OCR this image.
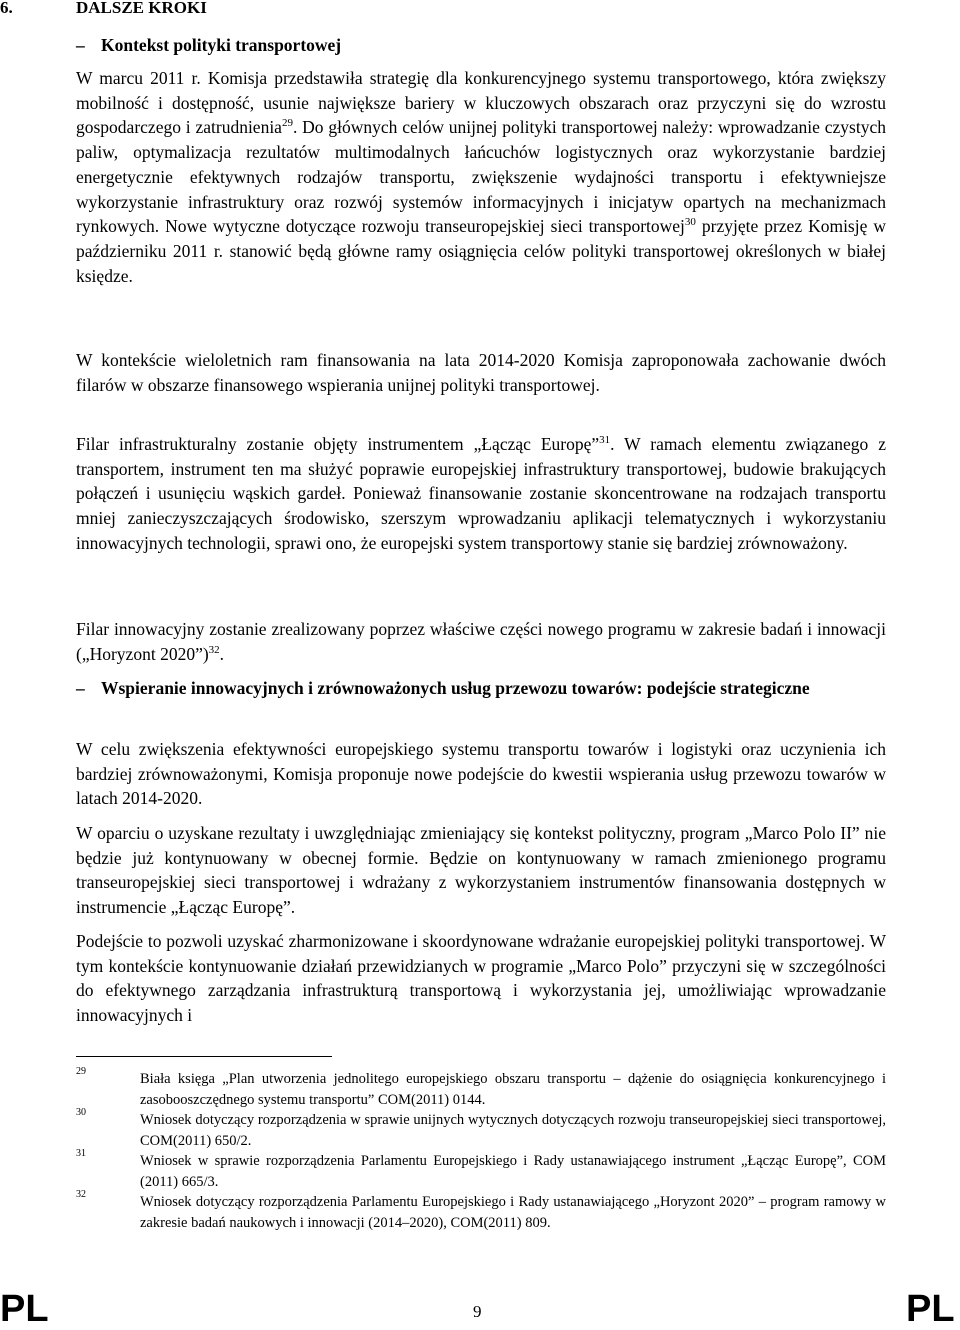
6.	DALSZE KROKI
– Kontekst polityki transportowej

W marcu 2011 r. Komisja przedstawiła strategię dla konkurencyjnego systemu transportowego, która zwiększy mobilność i dostępność, usunie największe bariery w kluczowych obszarach oraz przyczyni się do wzrostu gospodarczego i zatrudnienia$^{29}$. Do głównych celów unijnej polityki transportowej należy: wprowadzanie czystych paliw, optymalizacja rezultatów multimodalnych łańcuchów logistycznych oraz wykorzystanie bardziej energetycznie efektywnych rodzajów transportu, zwiększenie wydajności transportu i efektywniejsze wykorzystanie infrastruktury oraz rozwój systemów informacyjnych i inicjatyw opartych na mechanizmach rynkowych. Nowe wytyczne dotyczące rozwoju transeuropejskiej sieci transportowej$^{30}$ przyjęte przez Komisję w październiku 2011 r. stanowić będą główne ramy osiągnięcia celów polityki transportowej określonych w białej księdze.

W kontekście wieloletnich ram finansowania na lata 2014-2020 Komisja zaproponowała zachowanie dwóch filarów w obszarze finansowego wspierania unijnej polityki transportowej.

Filar infrastrukturalny zostanie objęty instrumentem „Łącząc Europę”$^{31}$. W ramach elementu związanego z transportem, instrument ten ma służyć poprawie europejskiej infrastruktury transportowej, budowie brakujących połączeń i usunięciu wąskich gardeł. Ponieważ finansowanie zostanie skoncentrowane na rodzajach transportu mniej zanieczyszczających środowisko, szerszym wprowadzaniu aplikacji telematycznych i wykorzystaniu innowacyjnych technologii, sprawi ono, że europejski system transportowy stanie się bardziej zrównoważony.

Filar innowacyjny zostanie zrealizowany poprzez właściwe części nowego programu w zakresie badań i innowacji („Horyzont 2020”)$^{32}$.

– Wspieranie innowacyjnych i zrównoważonych usług przewozu towarów: podejście strategiczne

W celu zwiększenia efektywności europejskiego systemu transportu towarów i logistyki oraz uczynienia ich bardziej zrównoważonymi, Komisja proponuje nowe podejście do kwestii wspierania usług przewozu towarów w latach 2014-2020.

W oparciu o uzyskane rezultaty i uwzględniając zmieniający się kontekst polityczny, program „Marco Polo II” nie będzie już kontynuowany w obecnej formie. Będzie on kontynuowany w ramach zmienionego programu transeuropejskiej sieci transportowej i wdrażany z wykorzystaniem instrumentów finansowania dostępnych w instrumencie „Łącząc Europę”.

Podejście to pozwoli uzyskać zharmonizowane i skoordynowane wdrażanie europejskiej polityki transportowej. W tym kontekście kontynuowanie działań przewidzianych w programie „Marco Polo” przyczyni się w szczególności do efektywnego zarządzania infrastrukturą transportową i wykorzystania jej, umożliwiając wprowadzanie innowacyjnych i

29	Biała księga „Plan utworzenia jednolitego europejskiego obszaru transportu – dążenie do osiągnięcia konkurencyjnego i zasobooszczędnego systemu transportu” COM(2011) 0144.
30	Wniosek dotyczący rozporządzenia w sprawie unijnych wytycznych dotyczących rozwoju transeuropejskiej sieci transportowej, COM(2011) 650/2.
31	Wniosek w sprawie rozporządzenia Parlamentu Europejskiego i Rady ustanawiającego instrument „Łącząc Europę”, COM (2011) 665/3.
32	Wniosek dotyczący rozporządzenia Parlamentu Europejskiego i Rady ustanawiającego „Horyzont 2020” – program ramowy w zakresie badań naukowych i innowacji (2014–2020), COM(2011) 809.
PL	9	PL
